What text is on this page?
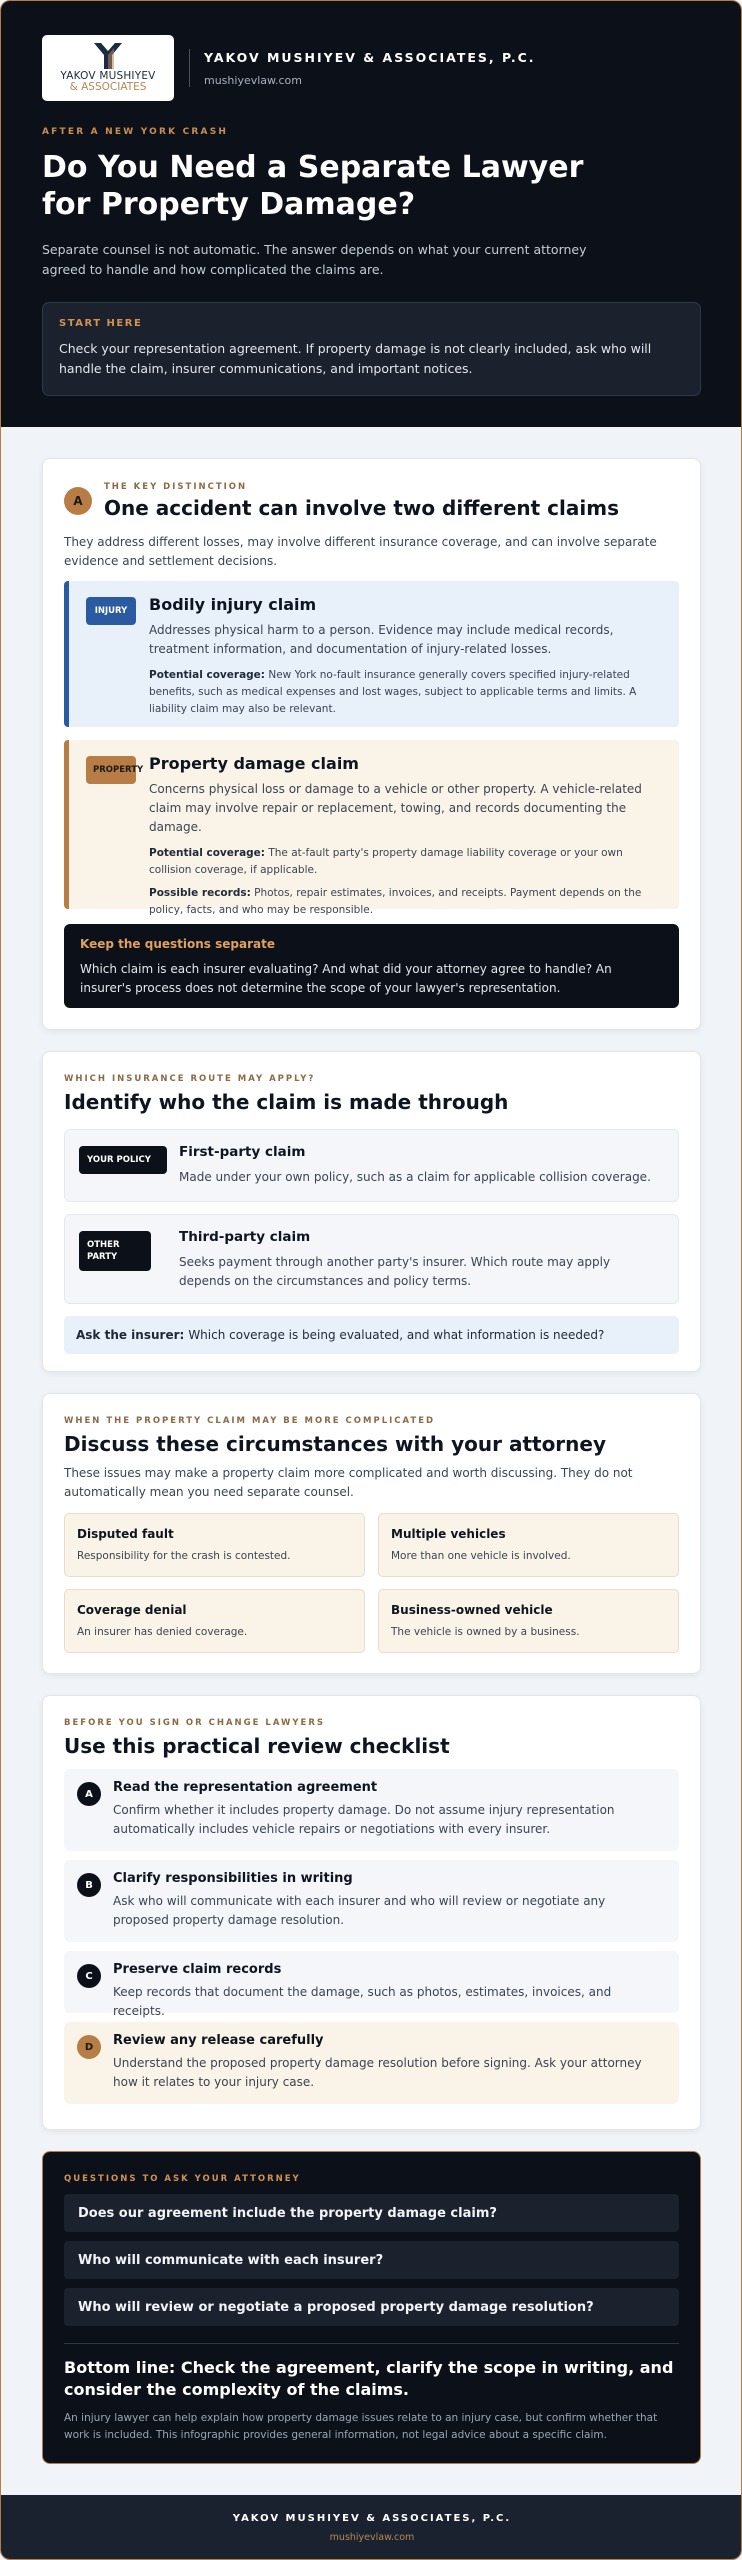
YAKOV MUSHIYEV
& ASSOCIATES
YAKOV MUSHIYEV & ASSOCIATES, P.C.
mushiyevlaw.com
AFTER A NEW YORK CRASH
Do You Need a Separate Lawyer for Property Damage?

Separate counsel is not automatic. The answer depends on what your current attorney agreed to handle and how complicated the claims are.

START HERE
Check your representation agreement. If property damage is not clearly included, ask who will handle the claim, insurer communications, and important notices.
A
THE KEY DISTINCTION
One accident can involve two different claims

They address different losses, may involve different insurance coverage, and can involve separate evidence and settlement decisions.

INJURY	Bodily injury claim
Addresses physical harm to a person. Evidence may include medical records, treatment information, and documentation of injury-related losses.
Potential coverage: New York no-fault insurance generally covers specified injury-related benefits, such as medical expenses and lost wages, subject to applicable terms and limits. A liability claim may also be relevant.
PROPERTY Property damage claim
Concerns physical loss or damage to a vehicle or other property. A vehicle-related claim may involve repair or replacement, towing, and records documenting the damage.
Potential coverage: The at-fault party's property damage liability coverage or your own collision coverage, if applicable.
Possible records: Photos, repair estimates, invoices, and receipts. Payment depends on the policy, facts, and who may be responsible.
Keep the questions separate
Which claim is each insurer evaluating? And what did your attorney agree to handle? An insurer's process does not determine the scope of your lawyer's representation.
WHICH INSURANCE ROUTE MAY APPLY?
Identify who the claim is made through
YOUR POLICY	First-party claim
Made under your own policy, such as a claim for applicable collision coverage.
OTHER
PARTY
Third-party claim
Seeks payment through another party's insurer. Which route may apply depends on the circumstances and policy terms.
Ask the insurer: Which coverage is being evaluated, and what information is needed?
WHEN THE PROPERTY CLAIM MAY BE MORE COMPLICATED
Discuss these circumstances with your attorney

These issues may make a property claim more complicated and worth discussing. They do not automatically mean you need separate counsel.

Disputed fault
Responsibility for the crash is contested.
Multiple vehicles
More than one vehicle is involved.
Coverage denial
An insurer has denied coverage.
Business-owned vehicle
The vehicle is owned by a business.
BEFORE YOU SIGN OR CHANGE LAWYERS
Use this practical review checklist
A	Read the representation agreement
Confirm whether it includes property damage. Do not assume injury representation automatically includes vehicle repairs or negotiations with every insurer.
B	Clarify responsibilities in writing
Ask who will communicate with each insurer and who will review or negotiate any proposed property damage resolution.
C	Preserve claim records
Keep records that document the damage, such as photos, estimates, invoices, and receipts.
D	Review any release carefully
Understand the proposed property damage resolution before signing. Ask your attorney how it relates to your injury case.
QUESTIONS TO ASK YOUR ATTORNEY
Does our agreement include the property damage claim?
Who will communicate with each insurer?
Who will review or negotiate a proposed property damage resolution?
Bottom line: Check the agreement, clarify the scope in writing, and consider the complexity of the claims.
An injury lawyer can help explain how property damage issues relate to an injury case, but confirm whether that work is included. This infographic provides general information, not legal advice about a specific claim.
YAKOV MUSHIYEV & ASSOCIATES, P.C.
mushiyevlaw.com
